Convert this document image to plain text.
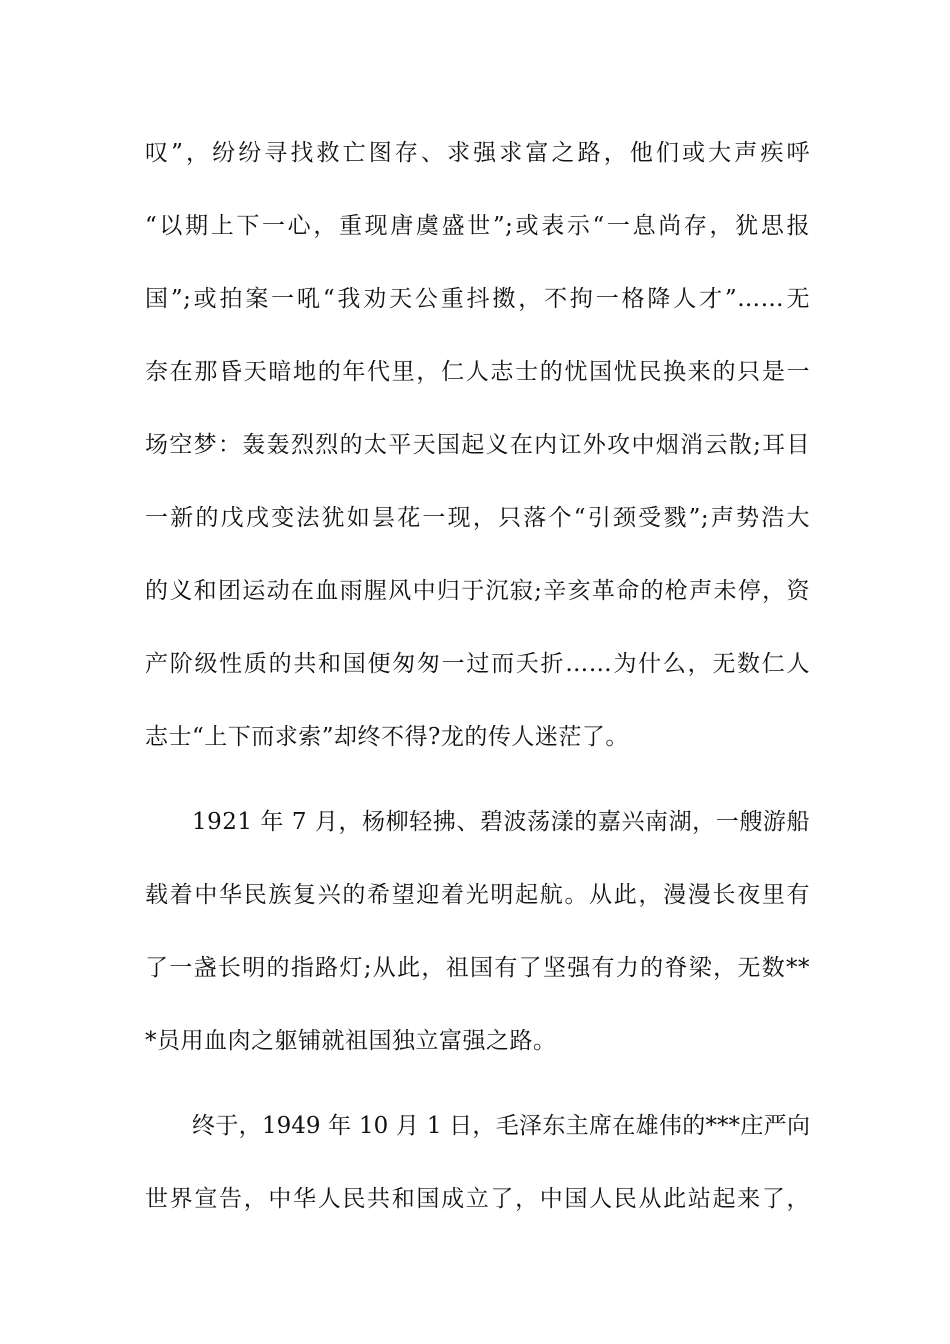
叹”，纷纷寻找救亡图存、求强求富之路，他们或大声疾呼
“以期上下一心，重现唐虞盛世”;或表示“一息尚存，犹思报
国”;或拍案一吼“我劝天公重抖擞，不拘一格降人才”……无
奈在那昏天暗地的年代里，仁人志士的忧国忧民换来的只是一
场空梦：轰轰烈烈的太平天国起义在内讧外攻中烟消云散;耳目
一新的戊戌变法犹如昙花一现，只落个“引颈受戮”;声势浩大
的义和团运动在血雨腥风中归于沉寂;辛亥革命的枪声未停，资
产阶级性质的共和国便匆匆一过而夭折……为什么，无数仁人
志士“上下而求索”却终不得?龙的传人迷茫了。
1921 年 7 月，杨柳轻拂、碧波荡漾的嘉兴南湖，一艘游船
载着中华民族复兴的希望迎着光明起航。从此，漫漫长夜里有
了一盏长明的指路灯;从此，祖国有了坚强有力的脊梁，无数**
*员用血肉之躯铺就祖国独立富强之路。
终于，1949 年 10 月 1 日，毛泽东主席在雄伟的***庄严向
世界宣告，中华人民共和国成立了，中国人民从此站起来了，
